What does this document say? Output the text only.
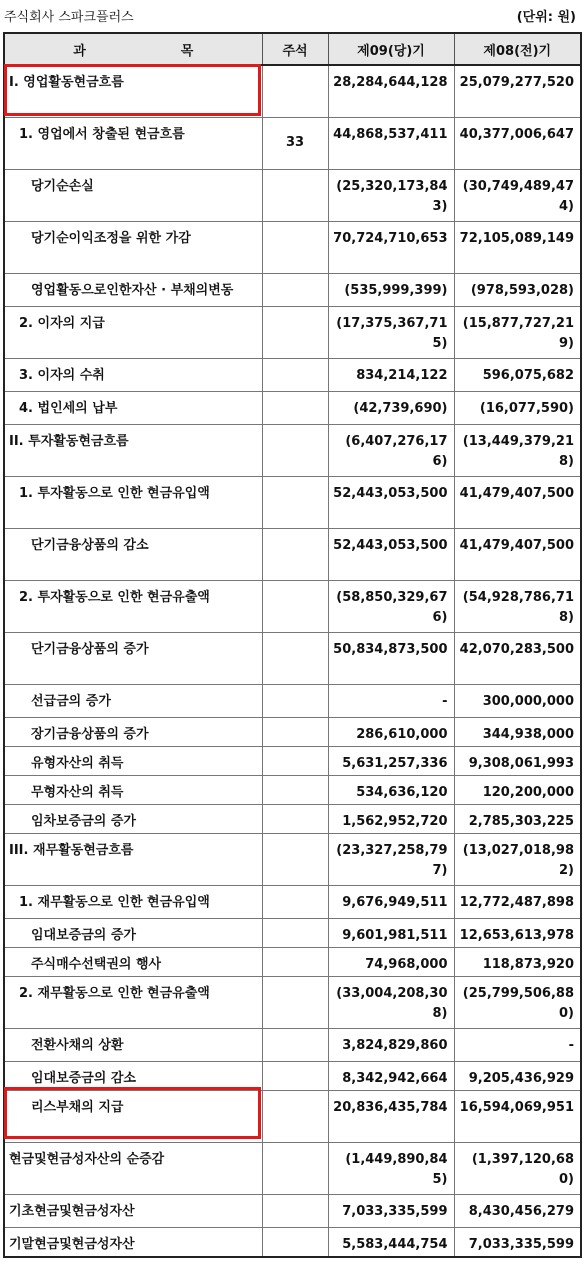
주식회사 스파크플러스	(단위: 원)
과 목	주석	제09(당)기	제08(전)기
I. 영업활동현금흐름		28,284,644,128	25,079,277,520
1. 영업에서 창출된 현금흐름	33	44,868,537,411	40,377,006,647
당기순손실		(25,320,173,843)	(30,749,489,474)
당기순이익조정을 위한 가감		70,724,710,653	72,105,089,149
영업활동으로인한자산 · 부채의변동		(535,999,399)	(978,593,028)
2. 이자의 지급		(17,375,367,715)	(15,877,727,219)
3. 이자의 수취		834,214,122	596,075,682
4. 법인세의 납부		(42,739,690)	(16,077,590)
II. 투자활동현금흐름		(6,407,276,176)	(13,449,379,218)
1. 투자활동으로 인한 현금유입액		52,443,053,500	41,479,407,500
단기금융상품의 감소		52,443,053,500	41,479,407,500
2. 투자활동으로 인한 현금유출액		(58,850,329,676)	(54,928,786,718)
단기금융상품의 증가		50,834,873,500	42,070,283,500
선급금의 증가		-	300,000,000
장기금융상품의 증가		286,610,000	344,938,000
유형자산의 취득		5,631,257,336	9,308,061,993
무형자산의 취득		534,636,120	120,200,000
임차보증금의 증가		1,562,952,720	2,785,303,225
III. 재무활동현금흐름		(23,327,258,797)	(13,027,018,982)
1. 재무활동으로 인한 현금유입액		9,676,949,511	12,772,487,898
임대보증금의 증가		9,601,981,511	12,653,613,978
주식매수선택권의 행사		74,968,000	118,873,920
2. 재무활동으로 인한 현금유출액		(33,004,208,308)	(25,799,506,880)
전환사채의 상환		3,824,829,860	-
임대보증금의 감소		8,342,942,664	9,205,436,929
리스부채의 지급		20,836,435,784	16,594,069,951
현금및현금성자산의 순증감		(1,449,890,845)	(1,397,120,680)
기초현금및현금성자산		7,033,335,599	8,430,456,279
기말현금및현금성자산		5,583,444,754	7,033,335,599
